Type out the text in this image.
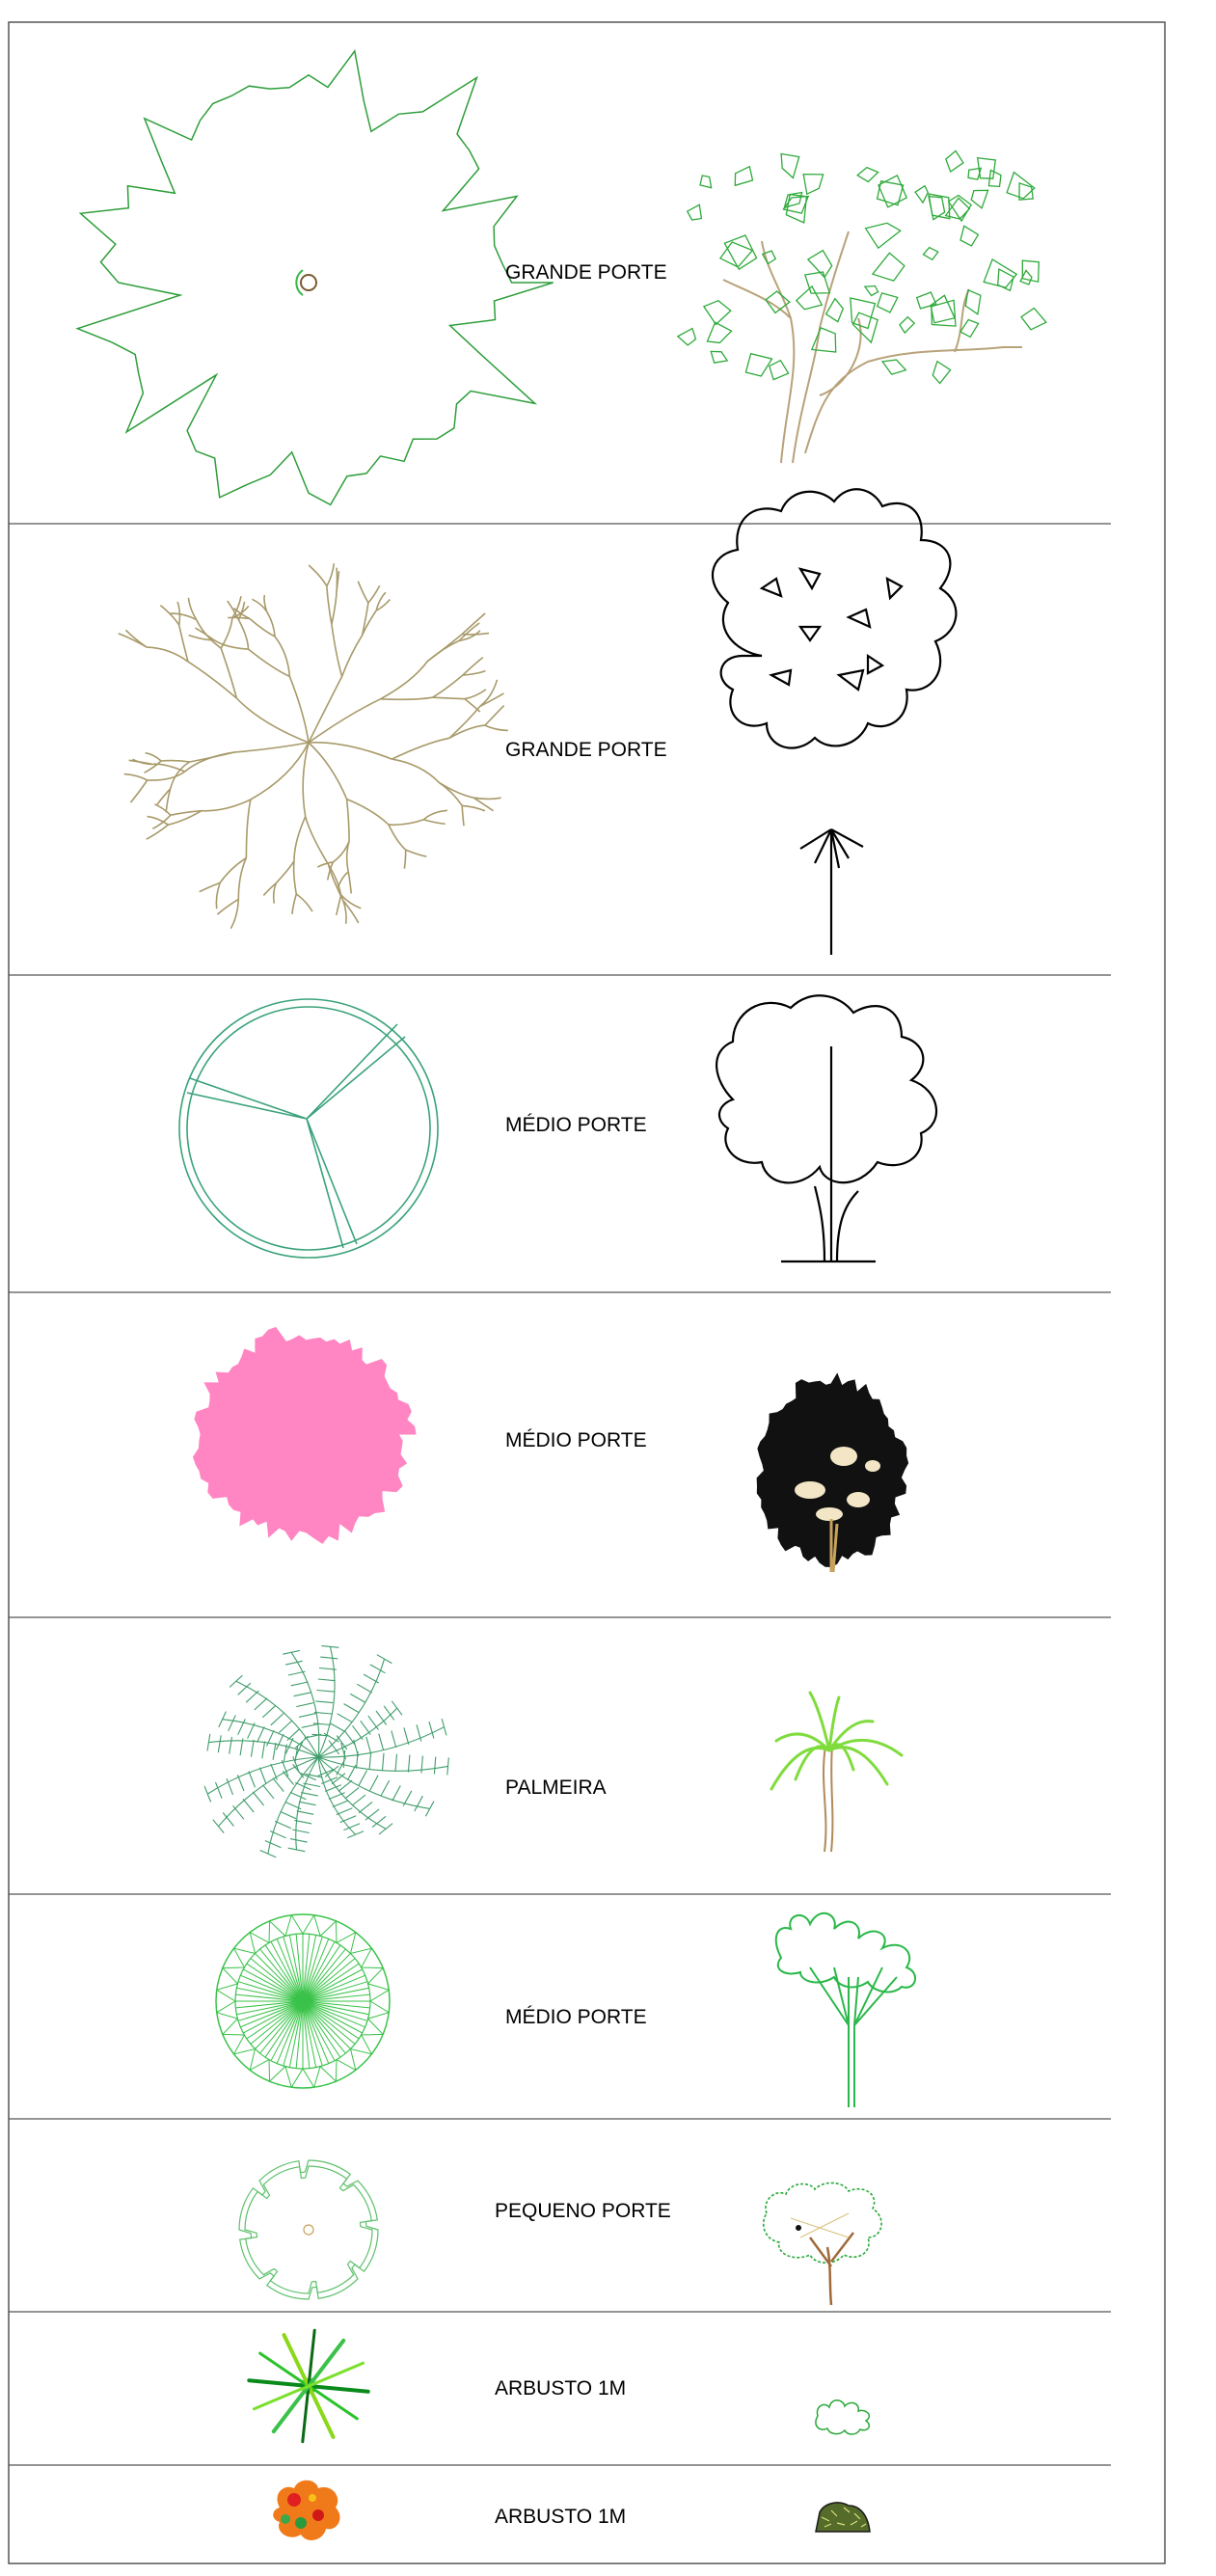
GRANDE PORTE
GRANDE PORTE
MÉDIO PORTE
MÉDIO PORTE
PALMEIRA
MÉDIO PORTE
PEQUENO PORTE
ARBUSTO 1M
ARBUSTO 1M
